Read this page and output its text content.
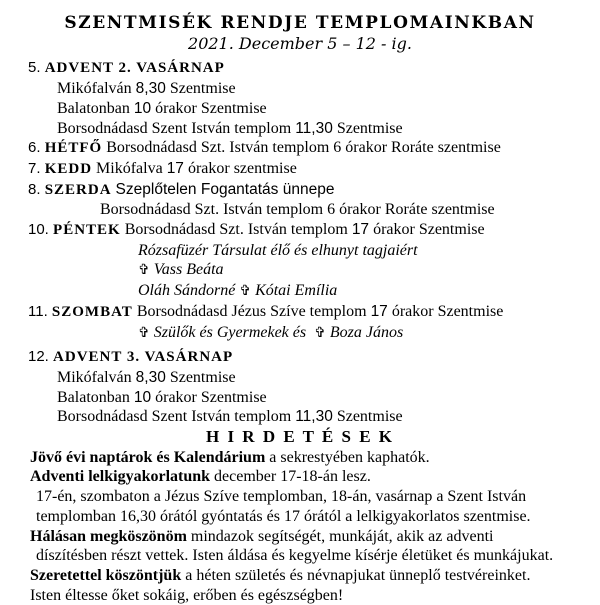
SZENTMISÉK RENDJE TEMPLOMAINKBAN
2021. December 5 – 12 - ig.
5. ADVENT 2. VASÁRNAP
Mikófalván 8,30 Szentmise
Balatonban 10 órakor Szentmise
Borsodnádasd Szent István templom 11,30 Szentmise
6. HÉTFŐ Borsodnádasd Szt. István templom 6 órakor Roráte szentmise
7. KEDD Mikófalva 17 órakor szentmise
8. SZERDA Szeplőtelen Fogantatás ünnepe
Borsodnádasd Szt. István templom 6 órakor Roráte szentmise
10. PÉNTEK Borsodnádasd Szt. István templom 17 órakor Szentmise
Rózsafüzér Társulat élő és elhunyt tagjaiért
✞ Vass Beáta
Oláh Sándorné ✞ Kótai Emília
11. SZOMBAT Borsodnádasd Jézus Szíve templom 17 órakor Szentmise
✞ Szülők és Gyermekek és  ✞ Boza János
12. ADVENT 3. VASÁRNAP
Mikófalván 8,30 Szentmise
Balatonban 10 órakor Szentmise
Borsodnádasd Szent István templom 11,30 Szentmise
H I R D E T É S E K
Jövő évi naptárok és Kalendárium a sekrestyében kaphatók.
Adventi lelkigyakorlatunk december 17-18-án lesz.
17-én, szombaton a Jézus Szíve templomban, 18-án, vasárnap a Szent István
templomban 16,30 órától gyóntatás és 17 órától a lelkigyakorlatos szentmise.
Hálásan megköszönöm mindazok segítségét, munkáját, akik az adventi
díszítésben részt vettek. Isten áldása és kegyelme kísérje életüket és munkájukat.
Szeretettel köszöntjük a héten születés és névnapjukat ünneplő testvéreinket.
Isten éltesse őket sokáig, erőben és egészségben!
